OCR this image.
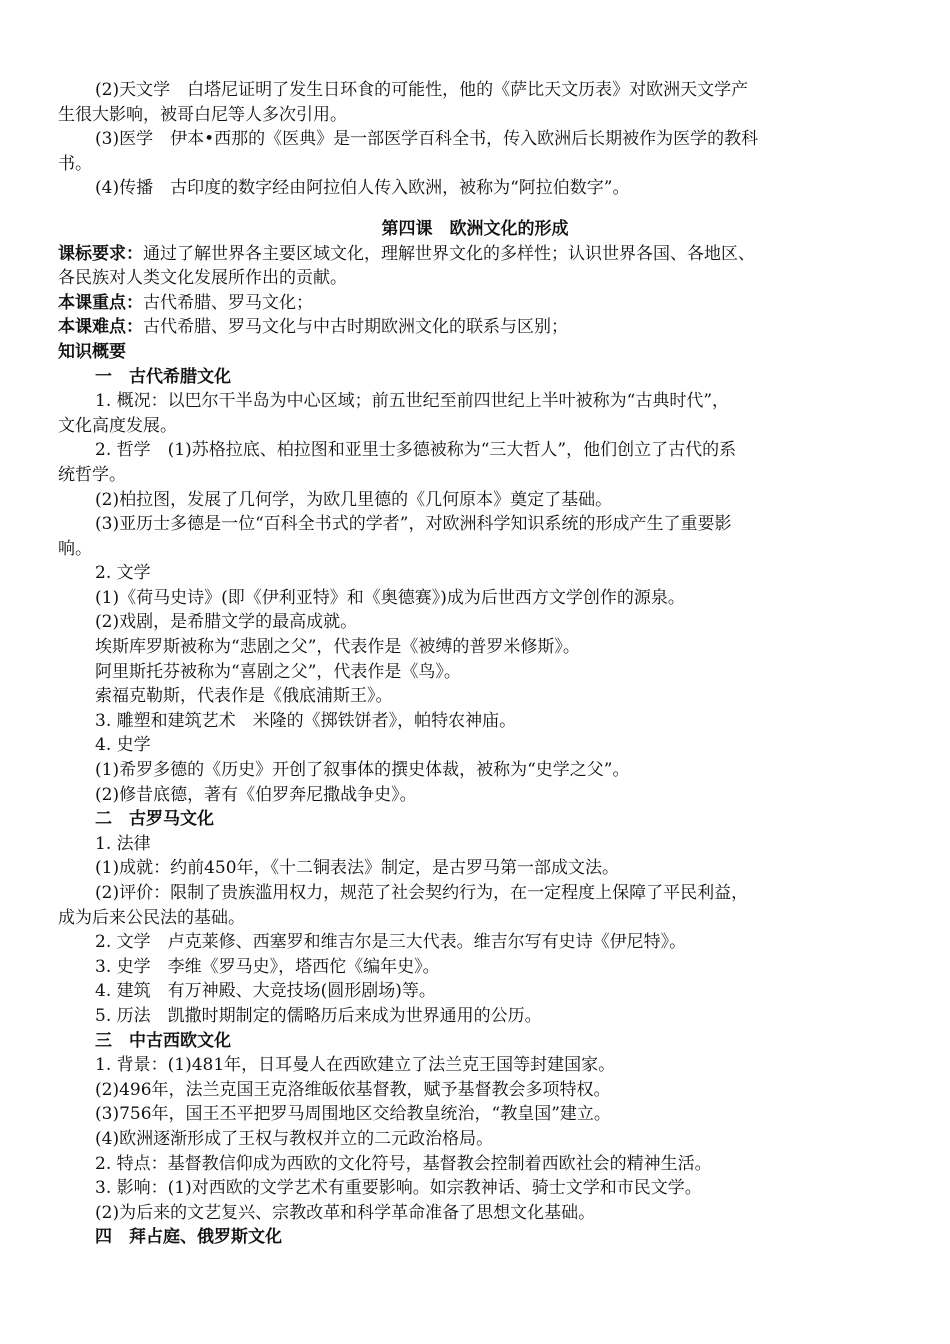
(2)天文学　白塔尼证明了发生日环食的可能性，他的《萨比天文历表》对欧洲天文学产
生很大影响，被哥白尼等人多次引用。
(3)医学　伊本•西那的《医典》是一部医学百科全书，传入欧洲后长期被作为医学的教科
书。
(4)传播　古印度的数字经由阿拉伯人传入欧洲，被称为“阿拉伯数字”。
第四课　欧洲文化的形成
课标要求：通过了解世界各主要区域文化，理解世界文化的多样性；认识世界各国、各地区、
各民族对人类文化发展所作出的贡献。
本课重点：古代希腊、罗马文化；
本课难点：古代希腊、罗马文化与中古时期欧洲文化的联系与区别；
知识概要
一　古代希腊文化
1. 概况：以巴尔干半岛为中心区域；前五世纪至前四世纪上半叶被称为“古典时代”，
文化高度发展。
2. 哲学　(1)苏格拉底、柏拉图和亚里士多德被称为“三大哲人”，他们创立了古代的系
统哲学。
(2)柏拉图，发展了几何学，为欧几里德的《几何原本》奠定了基础。
(3)亚历士多德是一位“百科全书式的学者”，对欧洲科学知识系统的形成产生了重要影
响。
2. 文学
(1)《荷马史诗》(即《伊利亚特》和《奥德赛》)成为后世西方文学创作的源泉。
(2)戏剧，是希腊文学的最高成就。
埃斯库罗斯被称为“悲剧之父”，代表作是《被缚的普罗米修斯》。
阿里斯托芬被称为“喜剧之父”，代表作是《鸟》。
索福克勒斯，代表作是《俄底浦斯王》。
3. 雕塑和建筑艺术　米隆的《掷铁饼者》，帕特农神庙。
4. 史学
(1)希罗多德的《历史》开创了叙事体的撰史体裁，被称为“史学之父”。
(2)修昔底德，著有《伯罗奔尼撒战争史》。
二　古罗马文化
1. 法律
(1)成就：约前450年，《十二铜表法》制定，是古罗马第一部成文法。
(2)评价：限制了贵族滥用权力，规范了社会契约行为，在一定程度上保障了平民利益，
成为后来公民法的基础。
2. 文学　卢克莱修、西塞罗和维吉尔是三大代表。维吉尔写有史诗《伊尼特》。
3. 史学　李维《罗马史》，塔西佗《编年史》。
4. 建筑　有万神殿、大竞技场(圆形剧场)等。
5. 历法　凯撒时期制定的儒略历后来成为世界通用的公历。
三　中古西欧文化
1. 背景：(1)481年，日耳曼人在西欧建立了法兰克王国等封建国家。
(2)496年，法兰克国王克洛维皈依基督教，赋予基督教会多项特权。
(3)756年，国王丕平把罗马周围地区交给教皇统治，“教皇国”建立。
(4)欧洲逐渐形成了王权与教权并立的二元政治格局。
2. 特点：基督教信仰成为西欧的文化符号，基督教会控制着西欧社会的精神生活。
3. 影响：(1)对西欧的文学艺术有重要影响。如宗教神话、骑士文学和市民文学。
(2)为后来的文艺复兴、宗教改革和科学革命准备了思想文化基础。
四　拜占庭、俄罗斯文化
